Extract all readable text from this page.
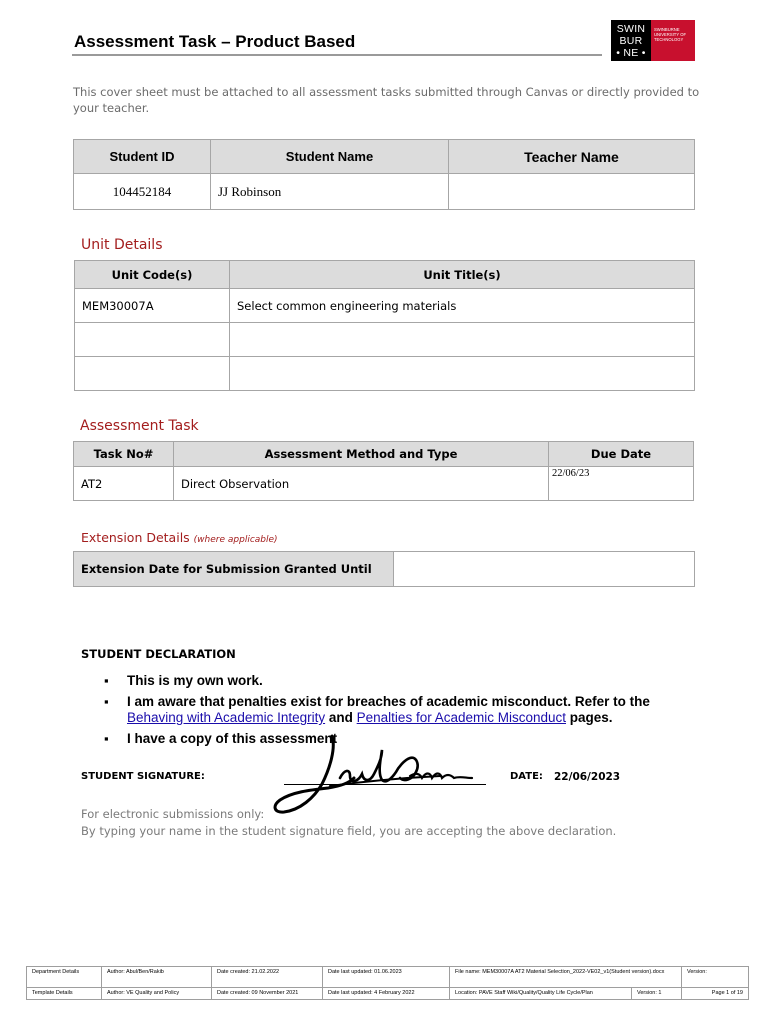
Assessment Task – Product Based
SWIN
BUR
• NE •
SWINBURNE UNIVERSITY OF TECHNOLOGY
This cover sheet must be attached to all assessment tasks submitted through Canvas or directly provided to your teacher.
Student ID	Student Name	Teacher Name
104452184	JJ Robinson	
Unit Details
Unit Code(s)	Unit Title(s)
MEM30007A	Select common engineering materials

Assessment Task
Task No#	Assessment Method and Type	Due Date
AT2	Direct Observation	22/06/23
Extension Details (where applicable)
Extension Date for Submission Granted Until	
STUDENT DECLARATION
▪ This is my own work.
▪ I am aware that penalties exist for breaches of academic misconduct. Refer to the
Behaving with Academic Integrity and Penalties for Academic Misconduct pages.
▪ I have a copy of this assessment
STUDENT SIGNATURE:	DATE: 22/06/2023
For electronic submissions only:
By typing your name in the student signature field, you are accepting the above declaration.
Department Details	Author: Abul/Ben/Rakib	Date created: 21.02.2022	Date last updated: 01.06.2023	File name: MEM30007A AT2 Material Selection_2022-VE02_v1(Student version).docx		Version:
Template Details	Author: VE Quality and Policy	Date created: 09 November 2021	Date last updated: 4 February 2022	Location: PAVE Staff Wiki/Quality/Quality Life Cycle/Plan	Version: 1	Page 1 of 19
